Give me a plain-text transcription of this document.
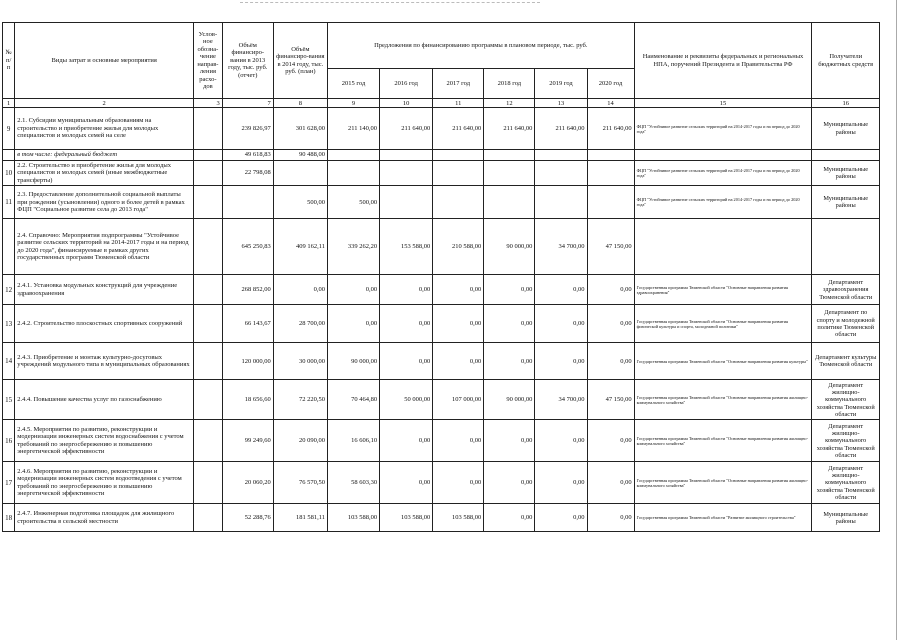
№ п/п	Виды затрат и основные мероприятия	Услов-ное обозна-чение направ-ления расхо-дов	Объём финансиро-вания в 2013 году, тыс. руб. (отчет)	Объём финансиро-вания в 2014 году, тыс. руб. (план)	Предложения по финансированию программы в плановом периоде, тыс. руб.						Наименование и реквизиты федеральных и региональных НПА, поручений Президента и Правительства РФ	Получатели бюджетных средств
					2015 год	2016 год	2017 год	2018 год	2019 год	2020 год		
1	2	3	7	8	9	10	11	12	13	14	15	16
9	2.1. Субсидии муниципальным образованиям на строительство и приобретение жилья для молодых специалистов и молодых семей на селе		239 826,97	301 628,00	211 140,00	211 640,00	211 640,00	211 640,00	211 640,00	211 640,00	ФЦП "Устойчивое развитие сельских территорий на 2014-2017 годы и на период до 2020 года"	Муниципальные районы
	в том числе: федеральный бюджет		49 618,83	90 488,00								
10	2.2. Строительство и приобретение жилья для молодых специалистов и молодых семей (иные межбюджетные трансферты)		22 798,08								ФЦП "Устойчивое развитие сельских территорий на 2014-2017 годы и на период до 2020 года"	Муниципальные районы
11	2.3. Предоставление дополнительной социальной выплаты при рождении (усыновлении) одного и более детей в рамках ФЦП "Социальное развитие села до 2013 года"			500,00	500,00						ФЦП "Устойчивое развитие сельских территорий на 2014-2017 годы и на период до 2020 года"	Муниципальные районы
	2.4. Справочно: Мероприятия подпрограммы "Устойчивое развитие сельских территорий на 2014-2017 годы и на период до 2020 года", финансируемые в рамках других государственных программ Тюменской области		645 250,83	409 162,11	339 262,20	153 588,00	210 588,00	90 000,00	34 700,00	47 150,00		
12	2.4.1. Установка модульных конструкций для учреждение здравоохранения		268 852,00	0,00	0,00	0,00	0,00	0,00	0,00	0,00	Государственная программа Тюменской области "Основные направления развития здравоохранения"	Департамент здравоохранения Тюменской области
13	2.4.2. Строительство плоскостных спортивных сооружений		66 143,67	28 700,00	0,00	0,00	0,00	0,00	0,00	0,00	Государственная программа Тюменской области "Основные направления развития физической культуры и спорта, молодежной политики"	Департамент по спорту и молодежной политике Тюменской области
14	2.4.3. Приобретение и монтаж культурно-досуговых учреждений модульного типа в муниципальных образованиях		120 000,00	30 000,00	90 000,00	0,00	0,00	0,00	0,00	0,00	Государственная программа Тюменской области "Основные направления развития культуры"	Департамент культуры Тюменской области
15	2.4.4. Повышение качества услуг по газоснабжению		18 656,60	72 220,50	70 464,80	50 000,00	107 000,00	90 000,00	34 700,00	47 150,00	Государственная программа Тюменской области "Основные направления развития жилищно-коммунального хозяйства"	Департамент жилищно-коммунального хозяйства Тюменской области
16	2.4.5. Мероприятия по развитию, реконструкции и модернизации инженерных систем водоснабжения с учетом требований по энергосбережению и повышению энергетической эффективности		99 249,60	20 090,00	16 606,10	0,00	0,00	0,00	0,00	0,00	Государственная программа Тюменской области "Основные направления развития жилищно-коммунального хозяйства"	Департамент жилищно-коммунального хозяйства Тюменской области
17	2.4.6. Мероприятия по развитию, реконструкции и модернизации инженерных систем водоотведения с учетом требований по энергосбережению и повышению энергетической эффективности		20 060,20	76 570,50	58 603,30	0,00	0,00	0,00	0,00	0,00	Государственная программа Тюменской области "Основные направления развития жилищно-коммунального хозяйства"	Департамент жилищно-коммунального хозяйства Тюменской области
18	2.4.7. Инженерная подготовка площадок для жилищного строительства в сельской местности		52 288,76	181 581,11	103 588,00	103 588,00	103 588,00	0,00	0,00	0,00	Государственная программа Тюменской области "Развитие жилищного строительства"	Муниципальные районы
